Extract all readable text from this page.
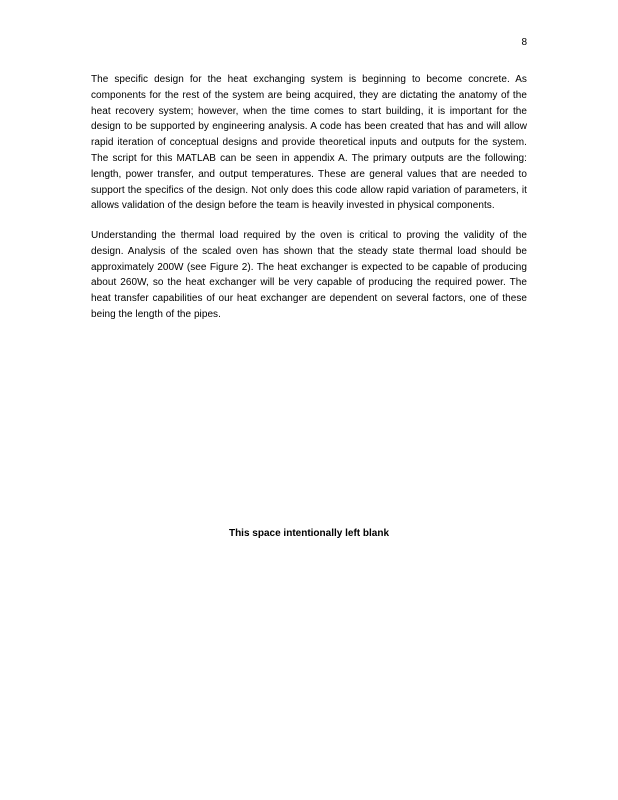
8

The specific design for the heat exchanging system is beginning to become concrete. As components for the rest of the system are being acquired, they are dictating the anatomy of the heat recovery system; however, when the time comes to start building, it is important for the design to be supported by engineering analysis. A code has been created that has and will allow rapid iteration of conceptual designs and provide theoretical inputs and outputs for the system. The script for this MATLAB can be seen in appendix A. The primary outputs are the following: length, power transfer, and output temperatures. These are general values that are needed to support the specifics of the design. Not only does this code allow rapid variation of parameters, it allows validation of the design before the team is heavily invested in physical components.

Understanding the thermal load required by the oven is critical to proving the validity of the design. Analysis of the scaled oven has shown that the steady state thermal load should be approximately 200W (see Figure 2). The heat exchanger is expected to be capable of producing about 260W, so the heat exchanger will be very capable of producing the required power. The heat transfer capabilities of our heat exchanger are dependent on several factors, one of these being the length of the pipes.

This space intentionally left blank
